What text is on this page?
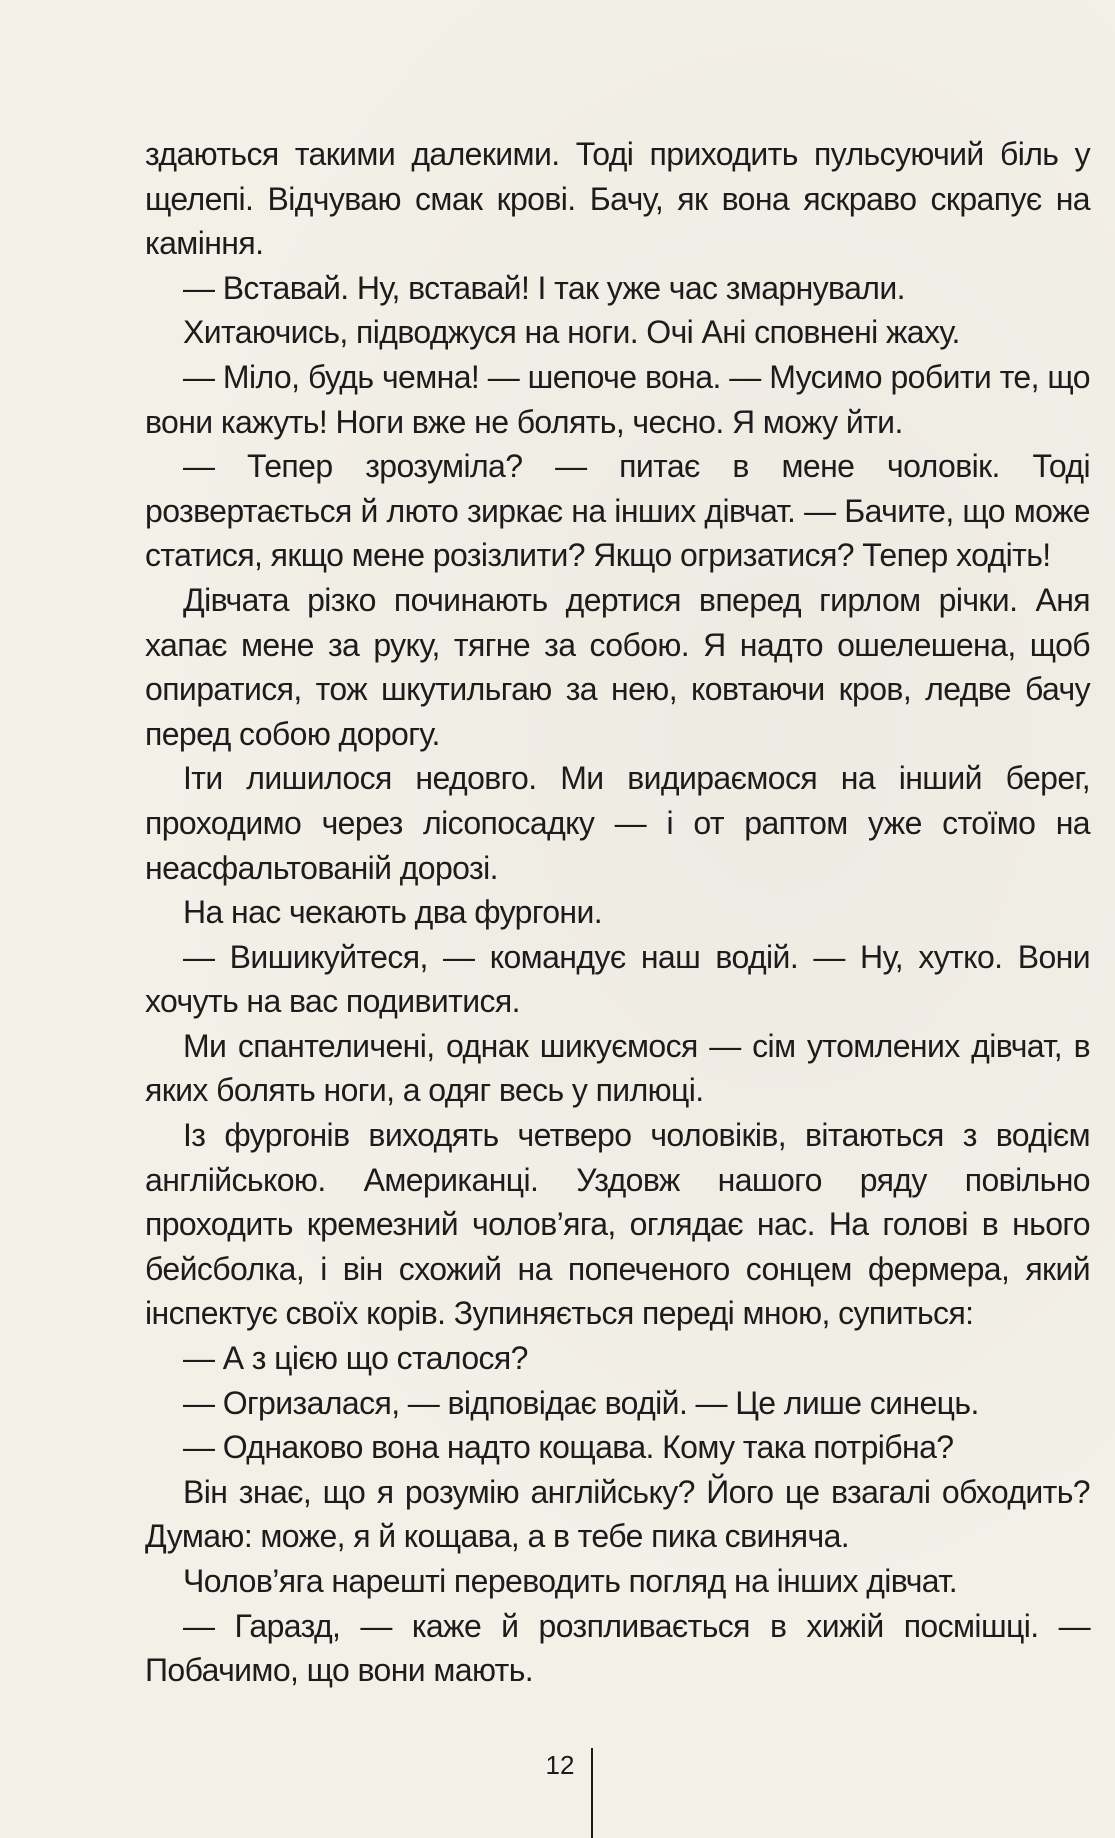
здаються такими далекими. Тоді приходить пульсуючий біль у щелепі. Відчуваю смак крові. Бачу, як вона яскраво скрапує на каміння.

— Вставай. Ну, вставай! І так уже час змарнували.

Хитаючись, підводжуся на ноги. Очі Ані сповнені жаху.

— Міло, будь чемна! — шепоче вона. — Мусимо робити те, що вони кажуть! Ноги вже не болять, чесно. Я можу йти.

— Тепер зрозуміла? — питає в мене чоловік. Тоді розвертається й люто зиркає на інших дівчат. — Бачите, що може статися, якщо мене розізлити? Якщо огризатися? Тепер ходіть!

Дівчата різко починають дертися вперед гирлом річки. Аня хапає мене за руку, тягне за собою. Я надто ошелешена, щоб опиратися, тож шкутильгаю за нею, ковтаючи кров, ледве бачу перед собою дорогу.

Іти лишилося недовго. Ми видираємося на інший берег, проходимо через лісопосадку — і от раптом уже стоїмо на неасфальтованій дорозі.

На нас чекають два фургони.

— Вишикуйтеся, — командує наш водій. — Ну, хутко. Вони хочуть на вас подивитися.

Ми спантеличені, однак шикуємося — сім утомлених дівчат, в яких болять ноги, а одяг весь у пилюці.

Із фургонів виходять четверо чоловіків, вітаються з водієм англійською. Американці. Уздовж нашого ряду повільно проходить кремезний чолов’яга, оглядає нас. На голові в нього бейсболка, і він схожий на попеченого сонцем фермера, який інспектує своїх корів. Зупиняється переді мною, супиться:

— А з цією що сталося?

— Огризалася, — відповідає водій. — Це лише синець.

— Однаково вона надто кощава. Кому така потрібна?

Він знає, що я розумію англійську? Його це взагалі обходить? Думаю: може, я й кощава, а в тебе пика свиняча.

Чолов’яга нарешті переводить погляд на інших дівчат.

— Гаразд, — каже й розпливається в хижій посмішці. — Побачимо, що вони мають.

12
